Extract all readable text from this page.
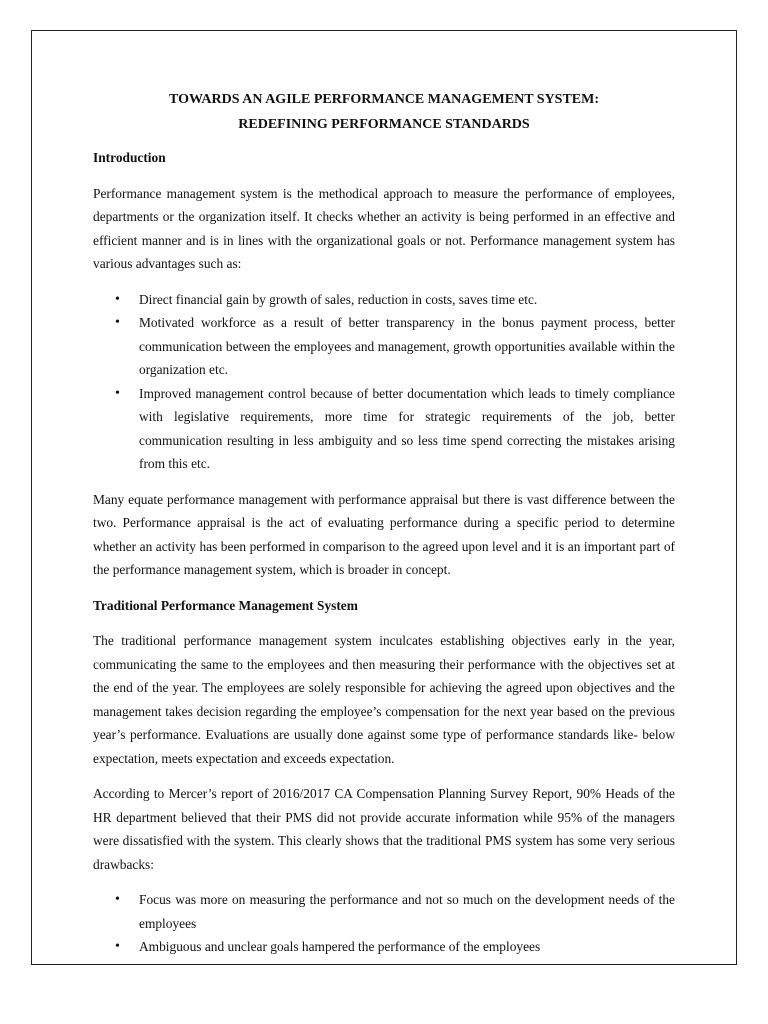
TOWARDS AN AGILE PERFORMANCE MANAGEMENT SYSTEM:
REDEFINING PERFORMANCE STANDARDS
Introduction

Performance management system is the methodical approach to measure the performance of employees, departments or the organization itself. It checks whether an activity is being performed in an effective and efficient manner and is in lines with the organizational goals or not. Performance management system has various advantages such as:

• Direct financial gain by growth of sales, reduction in costs, saves time etc.
• Motivated workforce as a result of better transparency in the bonus payment process, better communication between the employees and management, growth opportunities available within the organization etc.
• Improved management control because of better documentation which leads to timely compliance with legislative requirements, more time for strategic requirements of the job, better communication resulting in less ambiguity and so less time spend correcting the mistakes arising from this etc.

Many equate performance management with performance appraisal but there is vast difference between the two. Performance appraisal is the act of evaluating performance during a specific period to determine whether an activity has been performed in comparison to the agreed upon level and it is an important part of the performance management system, which is broader in concept.

Traditional Performance Management System

The traditional performance management system inculcates establishing objectives early in the year, communicating the same to the employees and then measuring their performance with the objectives set at the end of the year. The employees are solely responsible for achieving the agreed upon objectives and the management takes decision regarding the employee’s compensation for the next year based on the previous year’s performance. Evaluations are usually done against some type of performance standards like- below expectation, meets expectation and exceeds expectation.

According to Mercer’s report of 2016/2017 CA Compensation Planning Survey Report, 90% Heads of the HR department believed that their PMS did not provide accurate information while 95% of the managers were dissatisfied with the system. This clearly shows that the traditional PMS system has some very serious drawbacks:

• Focus was more on measuring the performance and not so much on the development needs of the employees
• Ambiguous and unclear goals hampered the performance of the employees
